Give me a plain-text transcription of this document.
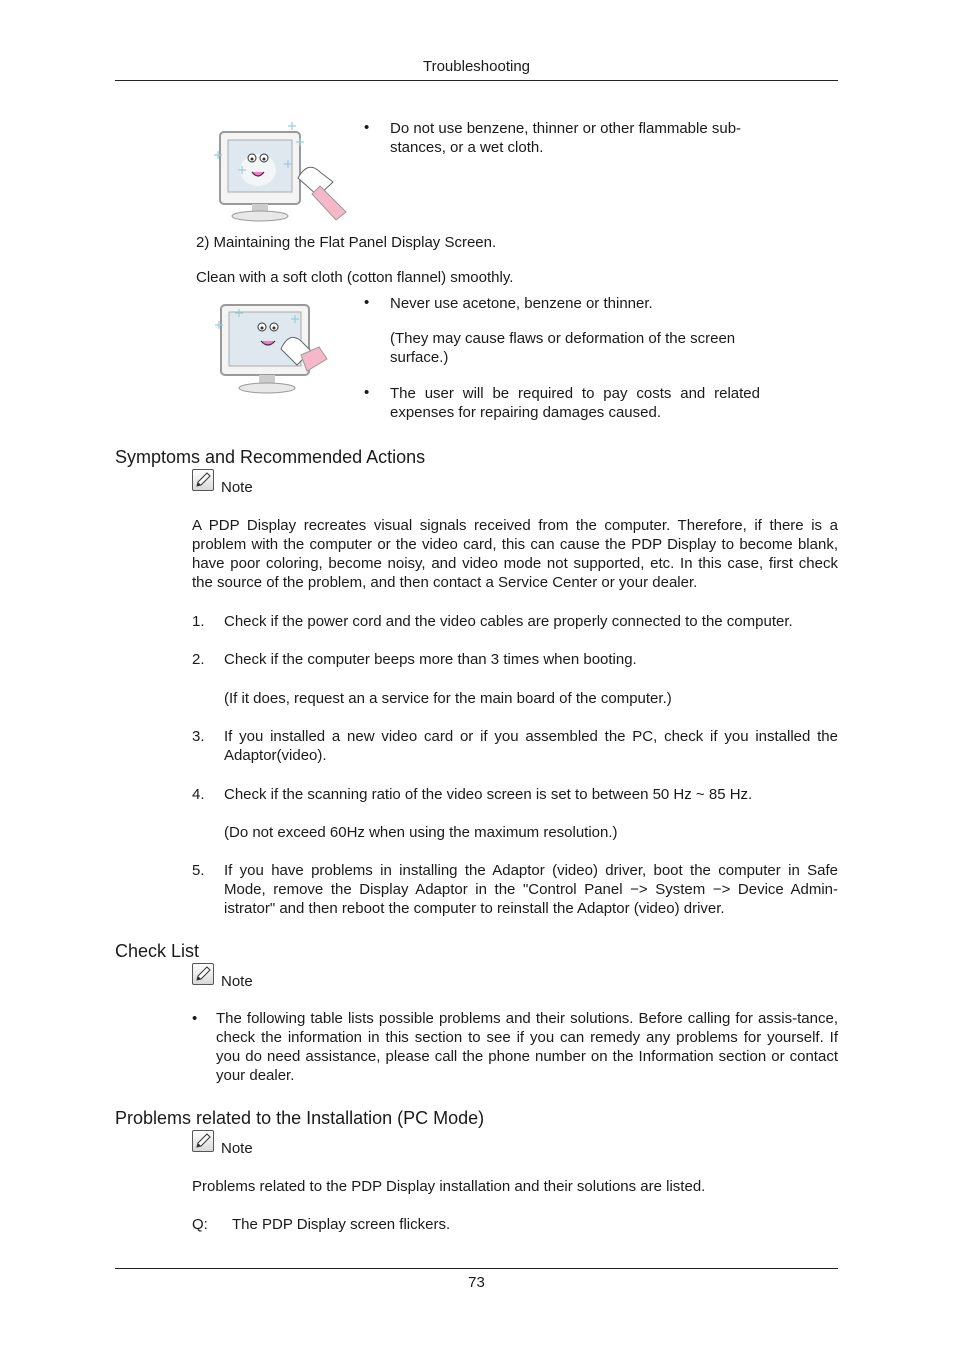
Troubleshooting
• Do not use benzene, thinner or other flammable sub-
stances, or a wet cloth.
2) Maintaining the Flat Panel Display Screen.
Clean with a soft cloth (cotton flannel) smoothly.
• Never use acetone, benzene or thinner.
(They may cause flaws or deformation of the screen surface.)
• The user will be required to pay costs and related expenses for repairing damages caused.
Symptoms and Recommended Actions
Note
A PDP Display recreates visual signals received from the computer. Therefore, if there is a problem with the computer or the video card, this can cause the PDP Display to become blank, have poor coloring, become noisy, and video mode not supported, etc. In this case, first check the source of the problem, and then contact a Service Center or your dealer.
1. Check if the power cord and the video cables are properly connected to the computer.
2. Check if the computer beeps more than 3 times when booting.
(If it does, request an a service for the main board of the computer.)
3. If you installed a new video card or if you assembled the PC, check if you installed the Adaptor(video).
4. Check if the scanning ratio of the video screen is set to between 50 Hz ~ 85 Hz.
(Do not exceed 60Hz when using the maximum resolution.)
5. If you have problems in installing the Adaptor (video) driver, boot the computer in Safe Mode, remove the Display Adaptor in the "Control Panel −> System −> Device Admin-istrator" and then reboot the computer to reinstall the Adaptor (video) driver.
Check List
Note
• The following table lists possible problems and their solutions. Before calling for assis-tance, check the information in this section to see if you can remedy any problems for yourself. If you do need assistance, please call the phone number on the Information section or contact your dealer.
Problems related to the Installation (PC Mode)
Note
Problems related to the PDP Display installation and their solutions are listed.
Q: The PDP Display screen flickers.
73
